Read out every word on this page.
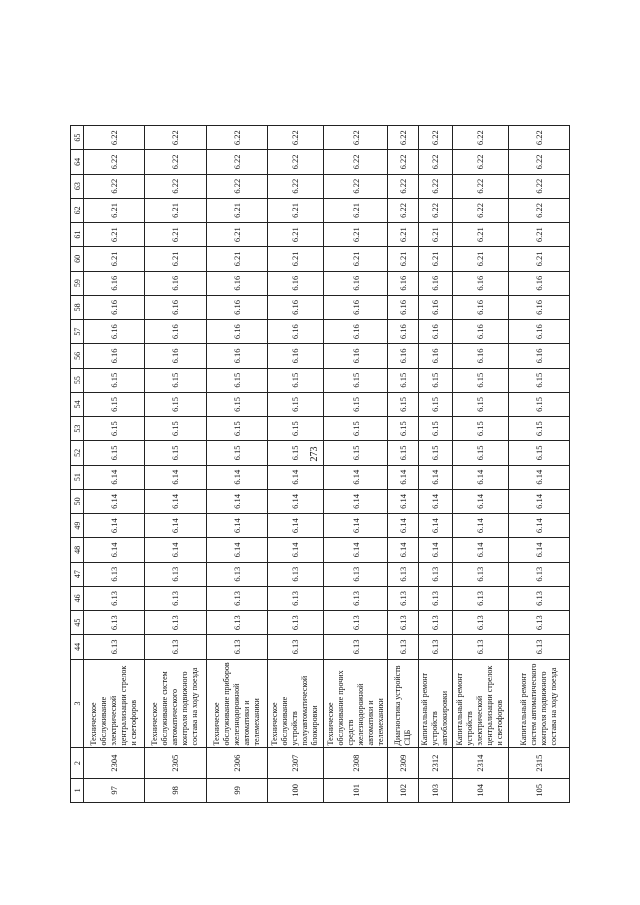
273
1	2	3	44	45	46	47	48	49	50	51	52	53	54	55	56	57	58	59	60	61	62	63	64	65
97	2304	Техническое обслуживание электрической централизации стрелок и светофоров	6.13	6.13	6.13	6.13	6.14	6.14	6.14	6.14	6.15	6.15	6.15	6.15	6.16	6.16	6.16	6.16	6.21	6.21	6.21	6.22	6.22	6.22
98	2305	Техническое обслуживание систем автоматического контроля подвижного состава на ходу поезда	6.13	6.13	6.13	6.13	6.14	6.14	6.14	6.14	6.15	6.15	6.15	6.15	6.16	6.16	6.16	6.16	6.21	6.21	6.21	6.22	6.22	6.22
99	2306	Техническое обслуживание приборов железнодорожной автоматики и телемеханики	6.13	6.13	6.13	6.13	6.14	6.14	6.14	6.14	6.15	6.15	6.15	6.15	6.16	6.16	6.16	6.16	6.21	6.21	6.21	6.22	6.22	6.22
100	2307	Техническое обслуживание устройств полуавтоматической блокировки	6.13	6.13	6.13	6.13	6.14	6.14	6.14	6.14	6.15	6.15	6.15	6.15	6.16	6.16	6.16	6.16	6.21	6.21	6.21	6.22	6.22	6.22
101	2308	Техническое обслуживание прочих средств железнодорожной автоматики и телемеханики	6.13	6.13	6.13	6.13	6.14	6.14	6.14	6.14	6.15	6.15	6.15	6.15	6.16	6.16	6.16	6.16	6.21	6.21	6.21	6.22	6.22	6.22
102	2309	Диагностика устройств СЦБ	6.13	6.13	6.13	6.13	6.14	6.14	6.14	6.14	6.15	6.15	6.15	6.15	6.16	6.16	6.16	6.16	6.21	6.21	6.22	6.22	6.22	6.22
103	2312	Капитальный ремонт устройств автоблокировки	6.13	6.13	6.13	6.13	6.14	6.14	6.14	6.14	6.15	6.15	6.15	6.15	6.16	6.16	6.16	6.16	6.21	6.21	6.22	6.22	6.22	6.22
104	2314	Капитальный ремонт устройств электрической централизации стрелок и светофоров	6.13	6.13	6.13	6.13	6.14	6.14	6.14	6.14	6.15	6.15	6.15	6.15	6.16	6.16	6.16	6.16	6.21	6.21	6.22	6.22	6.22	6.22
105	2315	Капитальный ремонт систем автоматического контроля подвижного состава на ходу поезда	6.13	6.13	6.13	6.13	6.14	6.14	6.14	6.14	6.15	6.15	6.15	6.15	6.16	6.16	6.16	6.16	6.21	6.21	6.22	6.22	6.22	6.22
